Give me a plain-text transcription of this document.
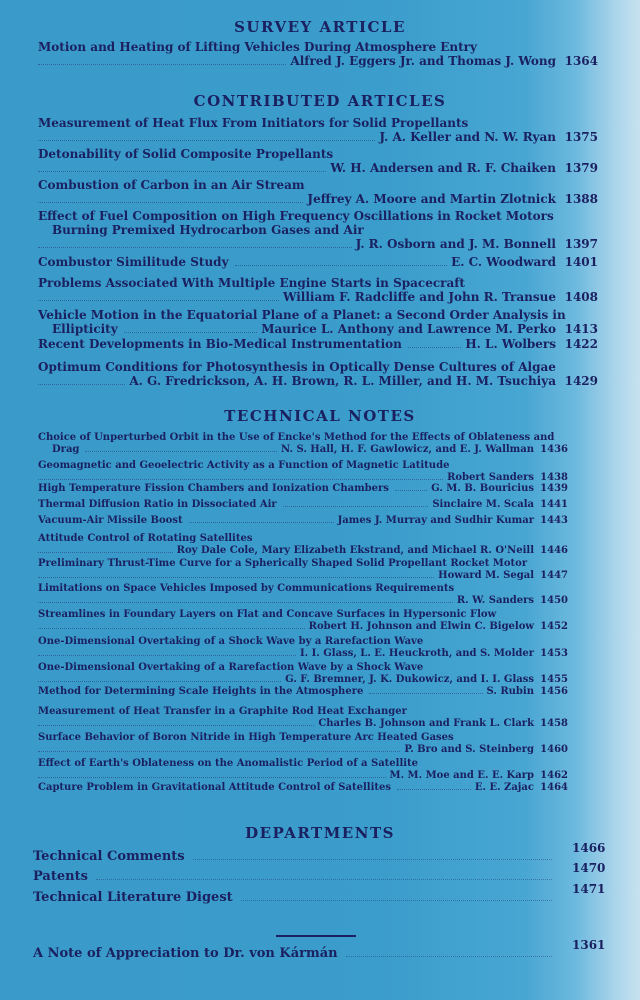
SURVEY ARTICLE
Motion and Heating of Lifting Vehicles During Atmosphere Entry
Alfred J. Eggers Jr. and Thomas J. Wong 1364
CONTRIBUTED ARTICLES
Measurement of Heat Flux From Initiators for Solid Propellants
J. A. Keller and N. W. Ryan 1375
Detonability of Solid Composite Propellants
W. H. Andersen and R. F. Chaiken 1379
Combustion of Carbon in an Air Stream
Jeffrey A. Moore and Martin Zlotnick 1388
Effect of Fuel Composition on High Frequency Oscillations in Rocket Motors
Burning Premixed Hydrocarbon Gases and Air
J. R. Osborn and J. M. Bonnell 1397
Combustor Similitude Study	E. C. Woodward 1401
Problems Associated With Multiple Engine Starts in Spacecraft
William F. Radcliffe and John R. Transue 1408
Vehicle Motion in the Equatorial Plane of a Planet: a Second Order Analysis in
Ellipticity	Maurice L. Anthony and Lawrence M. Perko 1413
Recent Developments in Bio-Medical Instrumentation	H. L. Wolbers 1422
Optimum Conditions for Photosynthesis in Optically Dense Cultures of Algae
A. G. Fredrickson, A. H. Brown, R. L. Miller, and H. M. Tsuchiya 1429
TECHNICAL NOTES
Choice of Unperturbed Orbit in the Use of Encke's Method for the Effects of Oblateness and
Drag	N. S. Hall, H. F. Gawlowicz, and E. J. Wallman 1436
Geomagnetic and Geoelectric Activity as a Function of Magnetic Latitude
Robert Sanders 1438
High Temperature Fission Chambers and Ionization Chambers	G. M. B. Bouricius 1439
Thermal Diffusion Ratio in Dissociated Air	Sinclaire M. Scala 1441
Vacuum-Air Missile Boost	James J. Murray and Sudhir Kumar 1443
Attitude Control of Rotating Satellites
Roy Dale Cole, Mary Elizabeth Ekstrand, and Michael R. O'Neill 1446
Preliminary Thrust-Time Curve for a Spherically Shaped Solid Propellant Rocket Motor
Howard M. Segal 1447
Limitations on Space Vehicles Imposed by Communications Requirements
R. W. Sanders 1450
Streamlines in Foundary Layers on Flat and Concave Surfaces in Hypersonic Flow
Robert H. Johnson and Elwin C. Bigelow 1452
One-Dimensional Overtaking of a Shock Wave by a Rarefaction Wave
I. I. Glass, L. E. Heuckroth, and S. Molder 1453
One-Dimensional Overtaking of a Rarefaction Wave by a Shock Wave
G. F. Bremner, J. K. Dukowicz, and I. I. Glass 1455
Method for Determining Scale Heights in the Atmosphere	S. Rubin 1456
Measurement of Heat Transfer in a Graphite Rod Heat Exchanger
Charles B. Johnson and Frank L. Clark 1458
Surface Behavior of Boron Nitride in High Temperature Arc Heated Gases
P. Bro and S. Steinberg 1460
Effect of Earth's Oblateness on the Anomalistic Period of a Satellite
M. M. Moe and E. E. Karp 1462
Capture Problem in Gravitational Attitude Control of Satellites	E. E. Zajac 1464
DEPARTMENTS
Technical Comments
1466
Patents
1470
Technical Literature Digest
1471
A Note of Appreciation to Dr. von Kármán
1361
